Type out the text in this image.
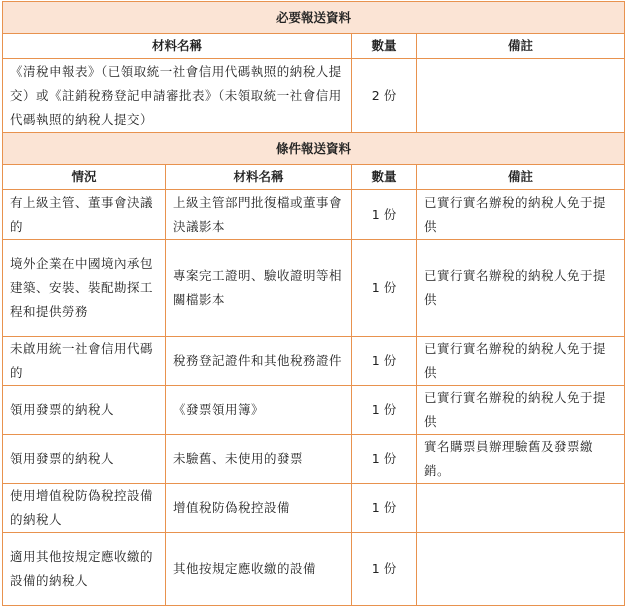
必要報送資料			
材料名稱		數量	備註
《清稅申報表》（已領取統一社會信用代碼執照的納稅人提交）或《註銷稅務登記申請審批表》（未領取統一社會信用代碼執照的納稅人提交）		2 份	
條件報送資料			
情況	材料名稱	數量	備註
有上級主管、董事會決議的	上級主管部門批復檔或董事會決議影本	1 份	已實行實名辦稅的納稅人免于提供
境外企業在中國境內承包建築、安裝、裝配勘探工程和提供勞務	專案完工證明、驗收證明等相關檔影本	1 份	已實行實名辦稅的納稅人免于提供
未啟用統一社會信用代碼的	稅務登記證件和其他稅務證件	1 份	已實行實名辦稅的納稅人免于提供
領用發票的納稅人	《發票領用簿》	1 份	已實行實名辦稅的納稅人免于提供
領用發票的納稅人	未驗舊、未使用的發票	1 份	實名購票員辦理驗舊及發票繳銷。
使用增值稅防偽稅控設備的納稅人	增值稅防偽稅控設備	1 份	
適用其他按規定應收繳的設備的納稅人	其他按規定應收繳的設備	1 份	
